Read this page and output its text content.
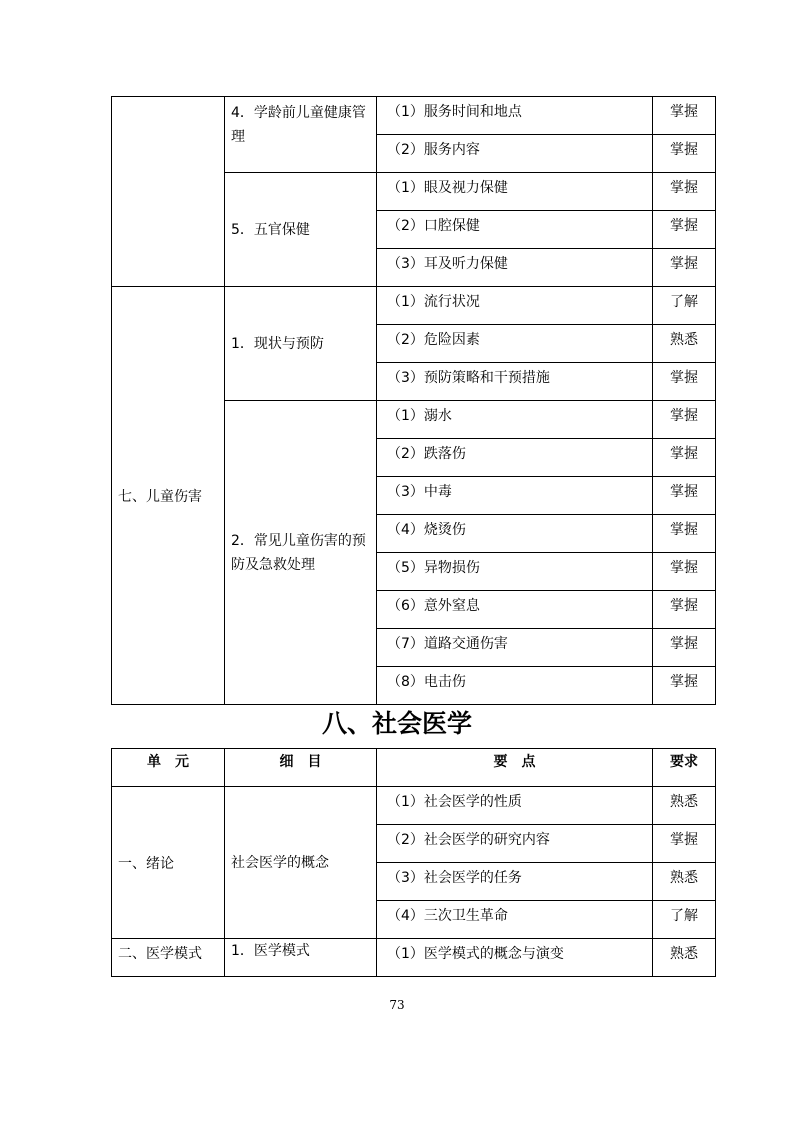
	4．学龄前儿童健康管理	（1）服务时间和地点	掌握
		（2）服务内容	掌握
	5．五官保健	（1）眼及视力保健	掌握
		（2）口腔保健	掌握
		（3）耳及听力保健	掌握
七、儿童伤害	1．现状与预防	（1）流行状况	了解
		（2）危险因素	熟悉
		（3）预防策略和干预措施	掌握
	2．常见儿童伤害的预防及急救处理	（1）溺水	掌握
		（2）跌落伤	掌握
		（3）中毒	掌握
		（4）烧烫伤	掌握
		（5）异物损伤	掌握
		（6）意外窒息	掌握
		（7）道路交通伤害	掌握
		（8）电击伤	掌握
八、社会医学
单　元	细　目	要　点	要求
一、绪论	社会医学的概念	（1）社会医学的性质	熟悉
		（2）社会医学的研究内容	掌握
		（3）社会医学的任务	熟悉
		（4）三次卫生革命	了解
二、医学模式	1．医学模式	（1）医学模式的概念与演变	熟悉
73
